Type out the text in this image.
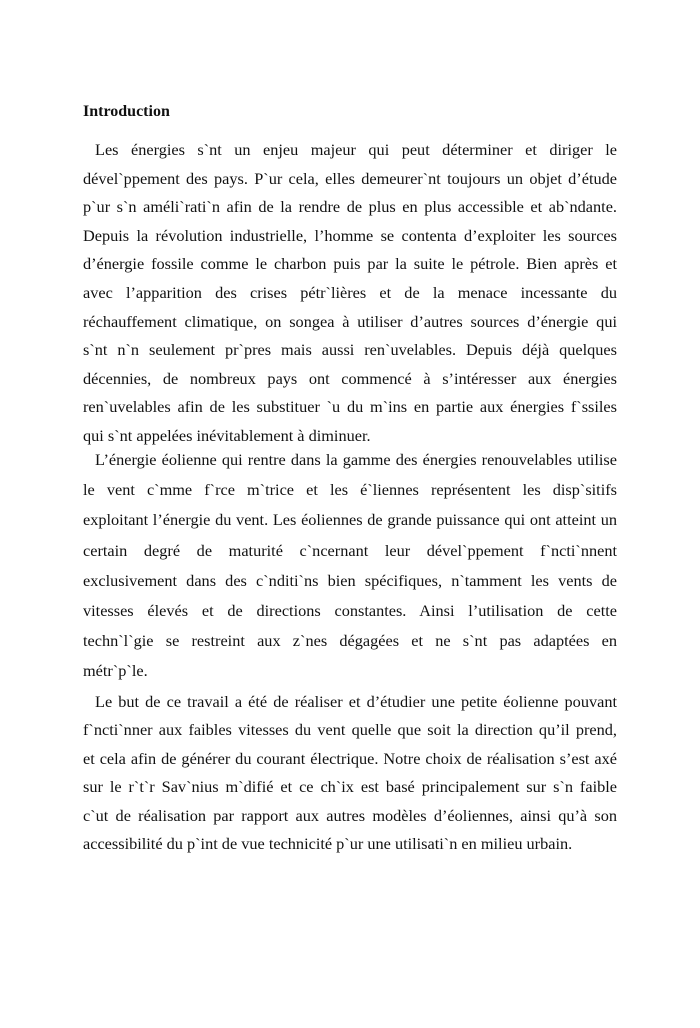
Introduction
Les énergies s`nt un enjeu majeur qui peut déterminer et diriger le
dével`ppement des pays. P`ur cela, elles demeurer`nt toujours un objet d’étude
p`ur s`n améli`rati`n afin de la rendre de plus en plus accessible et ab`ndante.
Depuis la révolution industrielle, l’homme se contenta d’exploiter les sources
d’énergie fossile comme le charbon puis par la suite le pétrole. Bien après et
avec l’apparition des crises pétr`lières et de la menace incessante du
réchauffement climatique, on songea à utiliser d’autres sources d’énergie qui
s`nt n`n seulement pr`pres mais aussi ren`uvelables. Depuis déjà quelques
décennies, de nombreux pays ont commencé à s’intéresser aux énergies
ren`uvelables afin de les substituer `u du m`ins en partie aux énergies f`ssiles
qui s`nt appelées inévitablement à diminuer.
L’énergie éolienne qui rentre dans la gamme des énergies renouvelables utilise
le vent c`mme f`rce m`trice et les é`liennes représentent les disp`sitifs
exploitant l’énergie du vent. Les éoliennes de grande puissance qui ont atteint un
certain degré de maturité c`ncernant leur dével`ppement f`ncti`nnent
exclusivement dans des c`nditi`ns bien spécifiques, n`tamment les vents de
vitesses élevés et de directions constantes. Ainsi l’utilisation de cette
techn`l`gie se restreint aux z`nes dégagées et ne s`nt pas adaptées en
métr`p`le.
Le but de ce travail a été de réaliser et d’étudier une petite éolienne pouvant
f`ncti`nner aux faibles vitesses du vent quelle que soit la direction qu’il prend,
et cela afin de générer du courant électrique. Notre choix de réalisation s’est axé
sur le r`t`r Sav`nius m`difié et ce ch`ix est basé principalement sur s`n faible
c`ut de réalisation par rapport aux autres modèles d’éoliennes, ainsi qu’à son
accessibilité du p`int de vue technicité p`ur une utilisati`n en milieu urbain.
